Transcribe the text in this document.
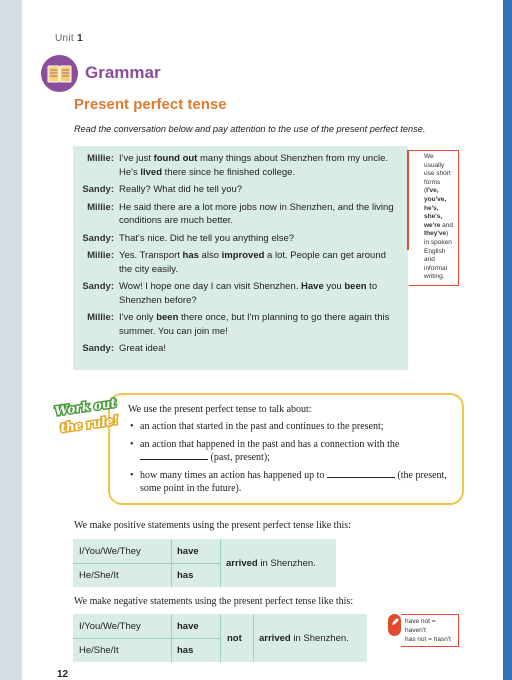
Unit 1
Grammar
Present perfect tense
Read the conversation below and pay attention to the use of the present perfect tense.
Millie: I've just found out many things about Shenzhen from my uncle. He's lived there since he finished college.
Sandy: Really? What did he tell you?
Millie: He said there are a lot more jobs now in Shenzhen, and the living conditions are much better.
Sandy: That's nice. Did he tell you anything else?
Millie: Yes. Transport has also improved a lot. People can get around the city easily.
Sandy: Wow! I hope one day I can visit Shenzhen. Have you been to Shenzhen before?
Millie: I've only been there once, but I'm planning to go there again this summer. You can join me!
Sandy: Great idea!
We usually use short forms (I've, you've, he's, she's, we're and they've) in spoken English and informal writing.
Work out
the rule!
We use the present perfect tense to talk about:
• an action that started in the past and continues to the present;
• an action that happened in the past and has a connection with the  (past, present);
• how many times an action has happened up to	(the present, some point in the future).
We make positive statements using the present perfect tense like this:
I/You/We/They	have
He/She/It	has
arrived in Shenzhen.
We make negative statements using the present perfect tense like this:
I/You/We/They	have
He/She/It	has
not arrived in Shenzhen.
have not = haven't
has not = hasn't
12
